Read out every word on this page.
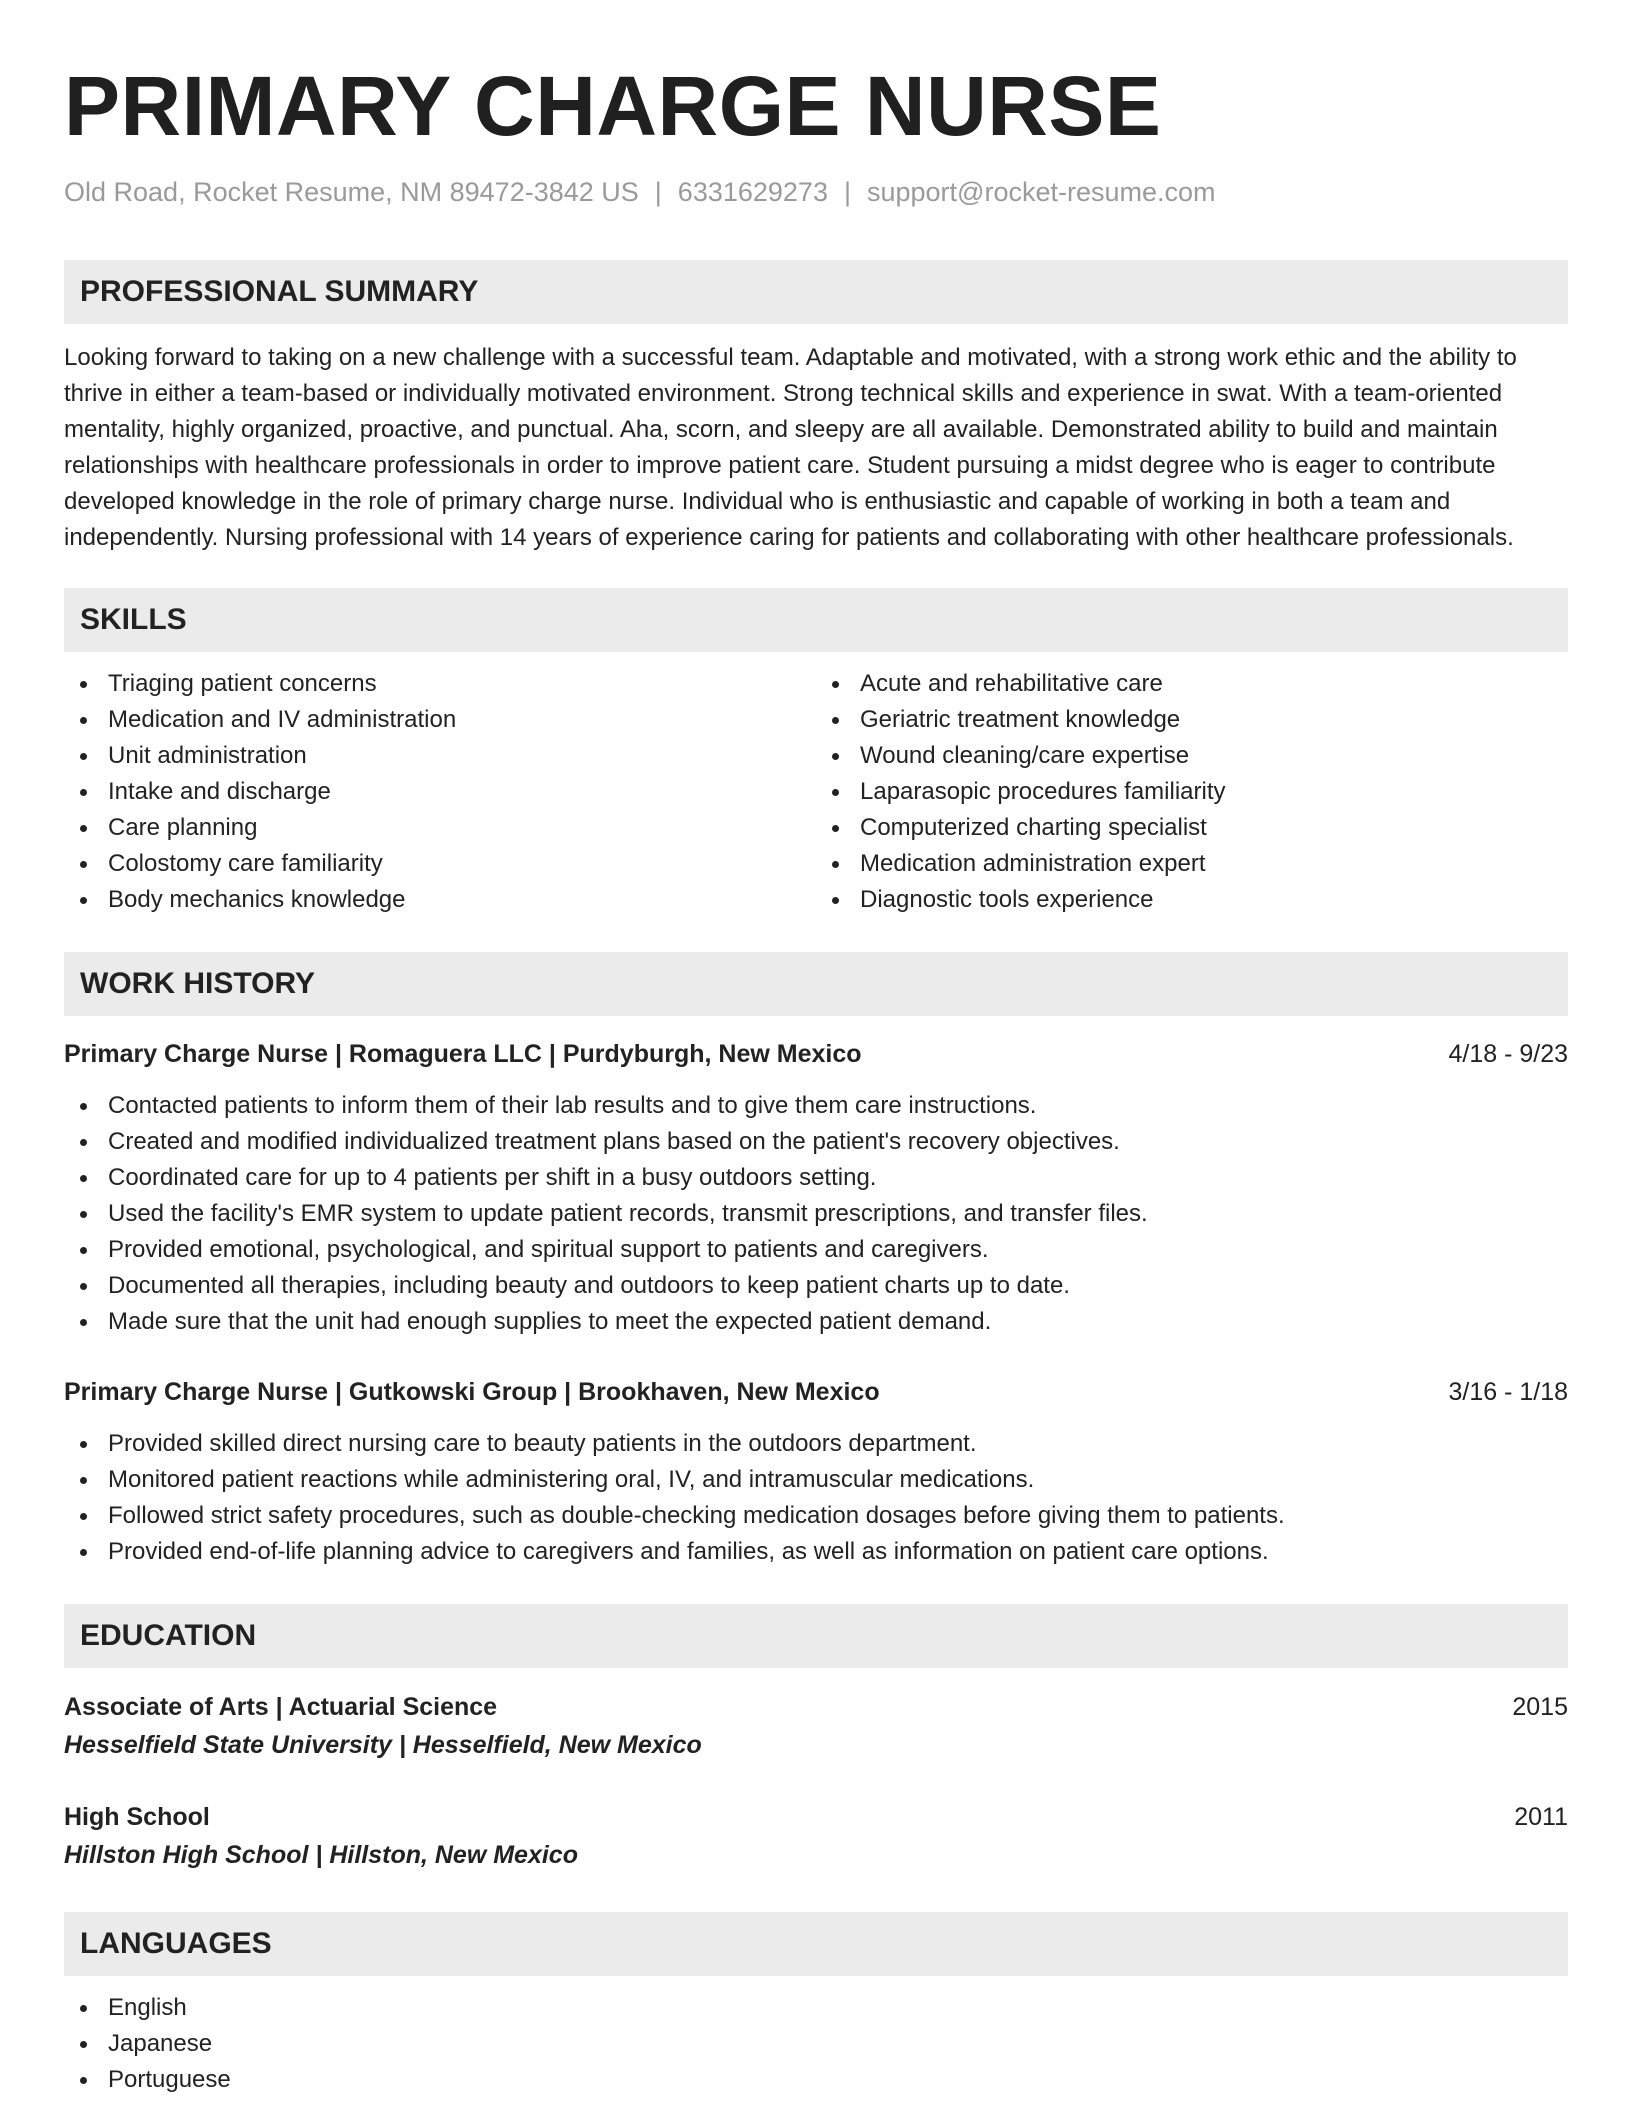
PRIMARY CHARGE NURSE
Old Road, Rocket Resume, NM 89472-3842 US | 6331629273 | support@rocket-resume.com
PROFESSIONAL SUMMARY

Looking forward to taking on a new challenge with a successful team. Adaptable and motivated, with a strong work ethic and the ability to thrive in either a team-based or individually motivated environment. Strong technical skills and experience in swat. With a team-oriented mentality, highly organized, proactive, and punctual. Aha, scorn, and sleepy are all available. Demonstrated ability to build and maintain relationships with healthcare professionals in order to improve patient care. Student pursuing a midst degree who is eager to contribute developed knowledge in the role of primary charge nurse. Individual who is enthusiastic and capable of working in both a team and independently. Nursing professional with 14 years of experience caring for patients and collaborating with other healthcare professionals.

SKILLS
Triaging patient concerns
Medication and IV administration
Unit administration
Intake and discharge
Care planning
Colostomy care familiarity
Body mechanics knowledge
Acute and rehabilitative care
Geriatric treatment knowledge
Wound cleaning/care expertise
Laparasopic procedures familiarity
Computerized charting specialist
Medication administration expert
Diagnostic tools experience
WORK HISTORY
Primary Charge Nurse | Romaguera LLC | Purdyburgh, New Mexico	4/18 - 9/23
Contacted patients to inform them of their lab results and to give them care instructions.
Created and modified individualized treatment plans based on the patient's recovery objectives.
Coordinated care for up to 4 patients per shift in a busy outdoors setting.
Used the facility's EMR system to update patient records, transmit prescriptions, and transfer files.
Provided emotional, psychological, and spiritual support to patients and caregivers.
Documented all therapies, including beauty and outdoors to keep patient charts up to date.
Made sure that the unit had enough supplies to meet the expected patient demand.
Primary Charge Nurse | Gutkowski Group | Brookhaven, New Mexico	3/16 - 1/18
Provided skilled direct nursing care to beauty patients in the outdoors department.
Monitored patient reactions while administering oral, IV, and intramuscular medications.
Followed strict safety procedures, such as double-checking medication dosages before giving them to patients.
Provided end-of-life planning advice to caregivers and families, as well as information on patient care options.
EDUCATION
Associate of Arts | Actuarial Science	2015
Hesselfield State University | Hesselfield, New Mexico
High School	2011
Hillston High School | Hillston, New Mexico
LANGUAGES
English
Japanese
Portuguese
